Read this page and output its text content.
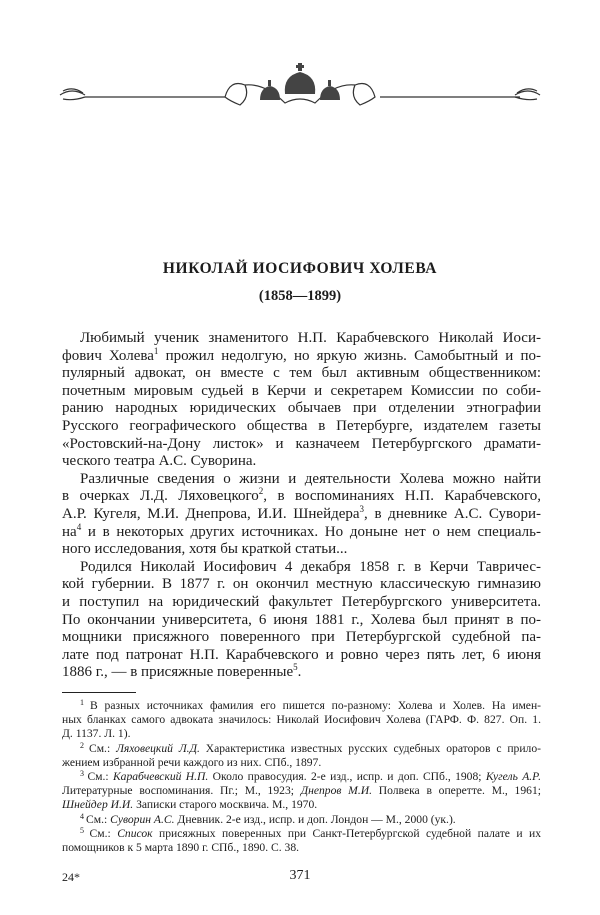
НИКОЛАЙ ИОСИФОВИЧ ХОЛЕВА
(1858—1899)
Любимый ученик знаменитого Н.П. Карабчевского Николай Иоси-
фович Холева$^1$ прожил недолгую, но яркую жизнь. Самобытный и по-
пулярный адвокат, он вместе с тем был активным общественником:
почетным мировым судьей в Керчи и секретарем Комиссии по соби-
ранию народных юридических обычаев при отделении этнографии
Русского географического общества в Петербурге, издателем газеты
«Ростовский-на-Дону листок» и казначеем Петербургского драмати-
ческого театра А.С. Суворина.
Различные сведения о жизни и деятельности Холева можно найти
в очерках Л.Д. Ляховецкого$^2$, в воспоминаниях Н.П. Карабчевского,
А.Р. Кугеля, М.И. Днепрова, И.И. Шнейдера$^3$, в дневнике А.С. Сувори-
$на^4$ и в некоторых других источниках. Но доныне нет о нем специаль-
ного исследования, хотя бы краткой статьи...
Родился Николай Иосифович 4 декабря 1858 г. в Керчи Тавричес-
кой губернии. В 1877 г. он окончил местную классическую гимназию
и поступил на юридический факультет Петербургского университета.
По окончании университета, 6 июня 1881 г., Холева был принят в по-
мощники присяжного поверенного при Петербургской судебной па-
лате под патронат Н.П. Карабчевского и ровно через пять лет, 6 июня
1886 г., — в присяжные поверенные$^5$.
$^1$ В разных источниках фамилия его пишется по-разному: Холева и Холев. На имен-
ных бланках самого адвоката значилось: Николай Иосифович Холева (ГАРФ. Ф. 827. Оп. 1.
Д. 1137. Л. 1).
$^2$ См.: Ляховецкий Л.Д. Характеристика известных русских судебных ораторов с прило-
жением избранной речи каждого из них. СПб., 1897.
$^3$ См.: Карабчевский Н.П. Около правосудия. 2-е изд., испр. и доп. СПб., 1908; Кугель А.Р.
Литературные воспоминания. Пг.; М., 1923; Днепров М.И. Полвека в оперетте. М., 1961;
Шнейдер И.И. Записки старого москвича. М., 1970.
$^4$ См.: Суворин А.С. Дневник. 2-е изд., испр. и доп. Лондон — М., 2000 (ук.).
$^5$ См.: Список присяжных поверенных при Санкт-Петербургской судебной палате и их
помощников к 5 марта 1890 г. СПб., 1890. С. 38.
24*	371
